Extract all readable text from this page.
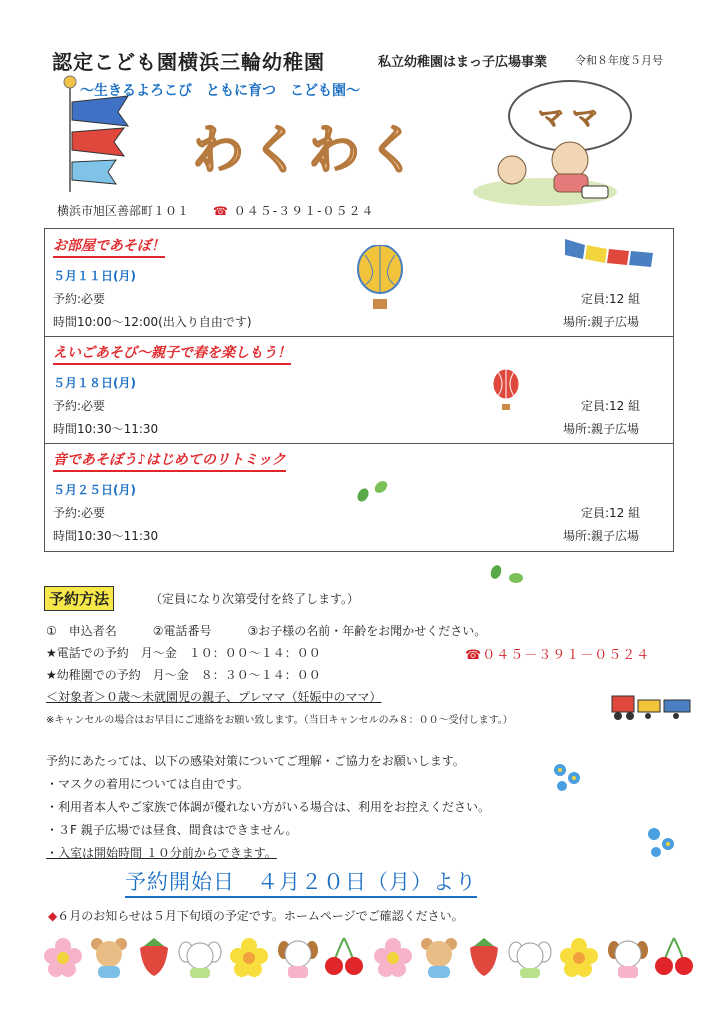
認定こども園横浜三輪幼稚園	私立幼稚園はまっ子広場事業	令和８年度５月号
～生きるよろこび　ともに育つ　こども園～
わくわく
ママ
横浜市旭区善部町１０１ ☎ ０４５-３９１-０５２４
お部屋であそぼ！
５月１１日(月)
予約:必要
時間10:00～12:00(出入り自由です)
定員:12 組
場所:親子広場
えいごあそび～親子で春を楽しもう！
５月１８日(月)
予約:必要
時間10:30～11:30
定員:12 組
場所:親子広場
音であそぼう♪はじめてのリトミック
５月２５日(月)
予約:必要
時間10:30～11:30
定員:12 組
場所:親子広場
予約方法	（定員になり次第受付を終了します。）
①　申込者名　　　②電話番号　　　③お子様の名前・年齢をお聞かせください。
★電話での予約　月～金　１０：００～１４：００	☎０４５－３９１－０５２４
★幼稚園での予約　月～金　８：３０～１４：００
＜対象者＞０歳～未就園児の親子、プレママ（妊娠中のママ）
※キャンセルの場合はお早目にご連絡をお願い致します。（当日キャンセルのみ８：００～受付します。）
予約にあたっては、以下の感染対策についてご理解・ご協力をお願いします。
・マスクの着用については自由です。
・利用者本人やご家族で体調が優れない方がいる場合は、利用をお控えください。
・３F 親子広場では昼食、間食はできません。
・入室は開始時間 １０分前からできます。
予約開始日　４月２０日（月）より
◆６月のお知らせは５月下旬頃の予定です。ホームページでご確認ください。
